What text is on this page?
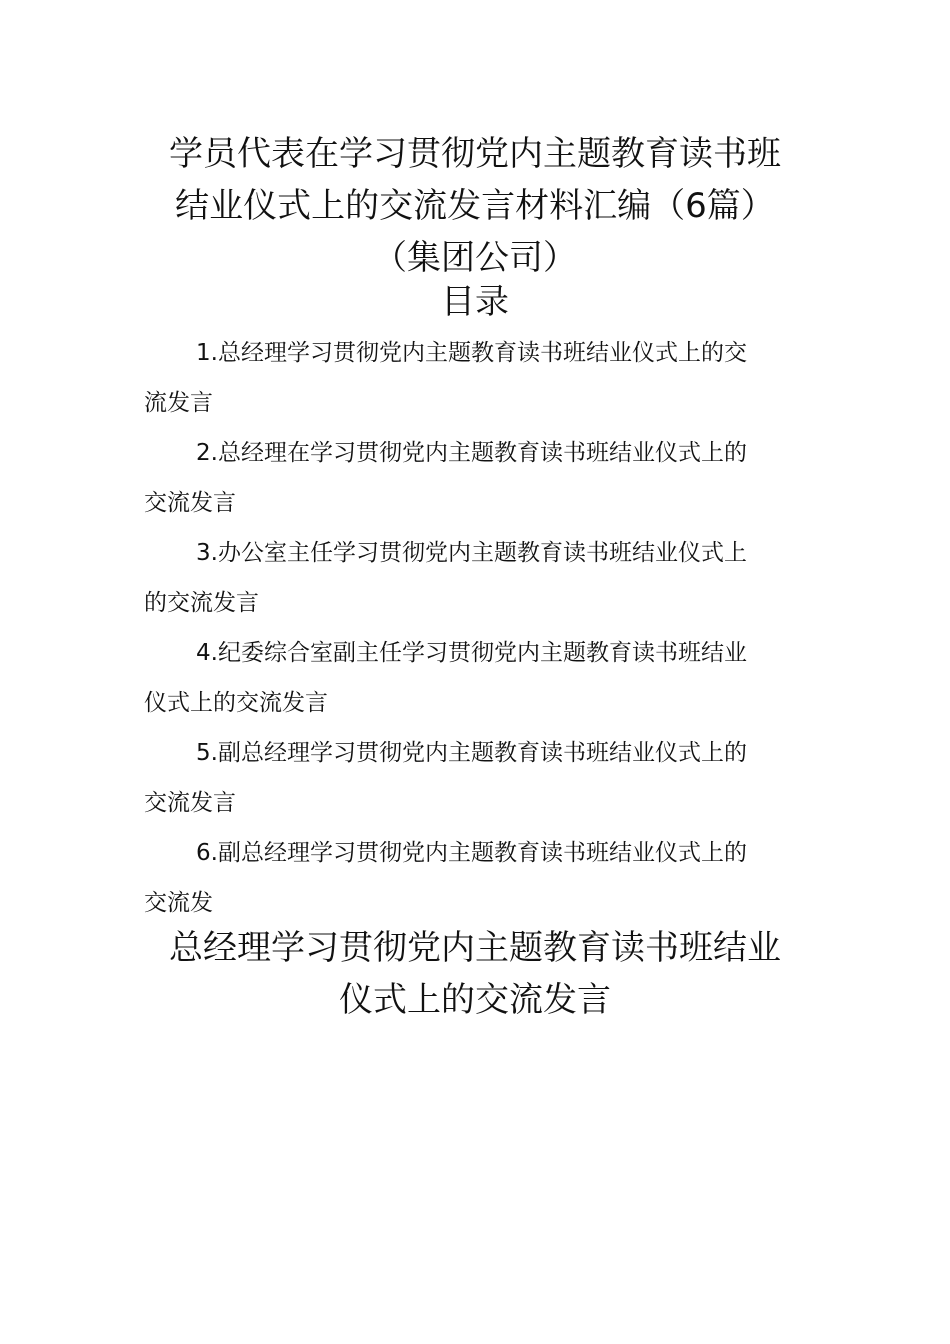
学员代表在学习贯彻党内主题教育读书班
结业仪式上的交流发言材料汇编（6篇）
（集团公司）
目录
1.总经理学习贯彻党内主题教育读书班结业仪式上的交
流发言
2.总经理在学习贯彻党内主题教育读书班结业仪式上的
交流发言
3.办公室主任学习贯彻党内主题教育读书班结业仪式上
的交流发言
4.纪委综合室副主任学习贯彻党内主题教育读书班结业
仪式上的交流发言
5.副总经理学习贯彻党内主题教育读书班结业仪式上的
交流发言
6.副总经理学习贯彻党内主题教育读书班结业仪式上的
交流发
总经理学习贯彻党内主题教育读书班结业
仪式上的交流发言
